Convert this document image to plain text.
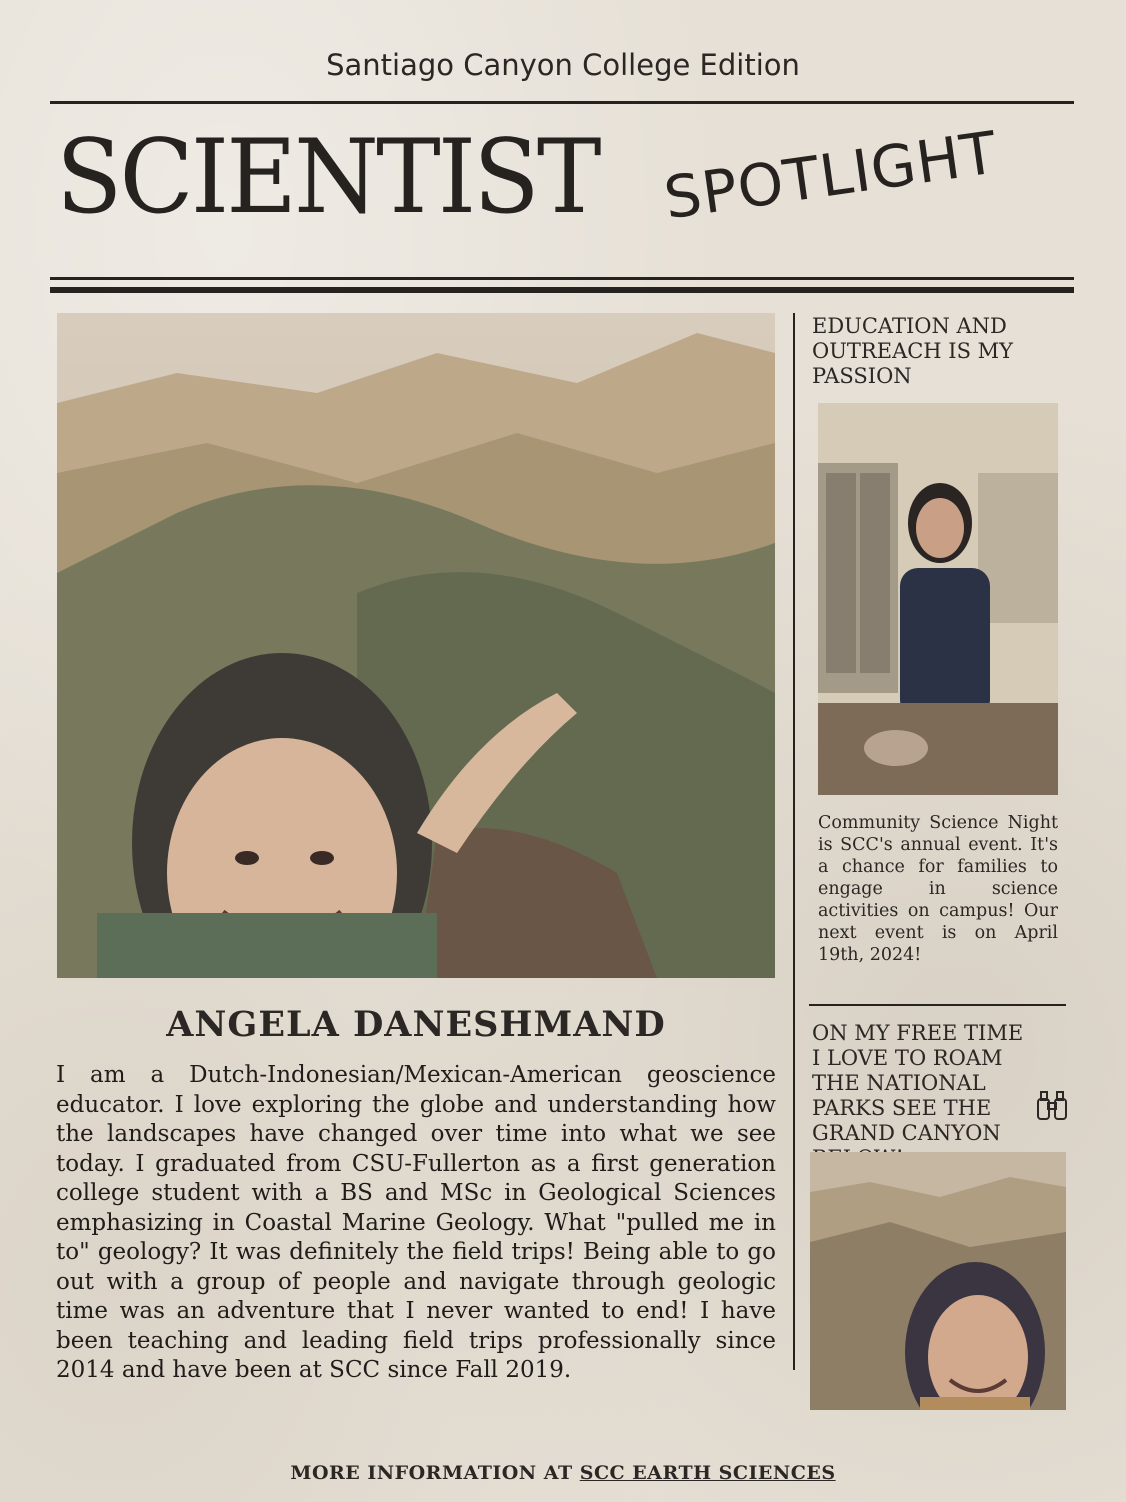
Santiago Canyon College Edition
SCIENTIST SPOTLIGHT
EDUCATION AND OUTREACH IS MY PASSION
Community Science Night is SCC's annual event. It's a chance for families to engage in science activities on campus! Our next event is on April 19th, 2024!
ON MY FREE TIME I LOVE TO ROAM THE NATIONAL PARKS SEE THE GRAND CANYON
ANGELA DANESHMAND
I am a Dutch-Indonesian/Mexican-American geoscience educator. I love exploring the globe and understanding how the landscapes have changed over time into what we see today. I graduated from CSU-Fullerton as a first generation college student with a BS and MSc in Geological Sciences emphasizing in Coastal Marine Geology. What "pulled me in to" geology? It was definitely the field trips! Being able to go out with a group of people and navigate through geologic time was an adventure that I never wanted to end! I have been teaching and leading field trips professionally since 2014 and have been at SCC since Fall 2019.
MORE INFORMATION AT SCC EARTH SCIENCES
